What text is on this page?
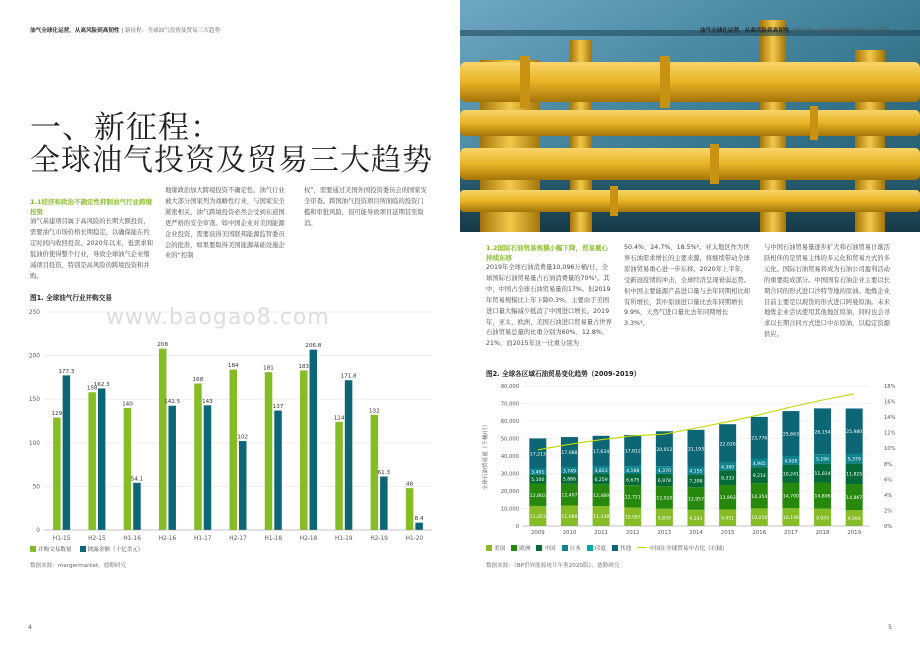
油气全球化运营，从高风险到高韧性 | 新征程：全球油气投资及贸易三大趋势
一、新征程：
全球油气投资及贸易三大趋势
1.1经济和政治不确定性抑制油气行业跨境投资
油气基建项目属于高风险的长期大额投资，需要油气市场价格长期稳定，以确保能在约定时间内收回投资。2020年以来，低需求和低油价使得整个行业，导致全球油气企业缩减项目投资，特别是高风险的跨境投资和并购。
地缘政治加大跨境投资不确定性。油气行业被大部分国家列为战略性行业，与国家安全紧密相关，油气跨境投资必然会受到东道国更严格的安全审查。如中国企业对美国能源企业投资，需要获得美国联邦能源监管委员会的批准，如果要取得美国能源基础设施企业的“控制
权”，需要通过美国外国投资委员会的国家安全审查。跨国油气投资项目所面临的投资门槛和审批风险，很可能导致项目延期甚至取消。
图1. 全球油气行业并购交易
0
50
100
150
200
250
129
177.3
H1-15
158
162.3
H2-15
140
54.1
H1-16
208
142.5
H2-16
168
143
H1-17
184
102
H2-17
181
137
H1-18
183
206.8
H2-18
124
171.8
H1-19
132
61.3
H2-19
48
8.4
H1-20
并购交易数量	披露金额（十亿美元）
数据来源：mergermarket，德勤研究
4
油气全球化运营，从高风险到高韧性 | 新征程：全球油气投资及贸易三大趋势
1.2国际石油贸易规模小幅下降，贸易重心持续东移
2019年全球石油消费量10,096万桶/日，全球国际石油贸易量占石油消费量的70%¹。其中，中国占全球石油贸易量的17%。但2019年贸易规模比上年下降0.3%，主要由于美国进口量大幅减少抵消了中国进口增长。2019年，亚太、欧洲、美国石油进口贸易量占世界石油贸易总量的比重分别为60%、12.8%、21%，而2015年这一比重分别为
50.4%、24.7%、18.5%²。亚太地区作为世界石油需求增长的主要来源，将继续带动全球原油贸易重心进一步东移。2020年上半年，受新冠疫情的冲击，全球经济呈现衰弱态势。但中国主要能源产品进口量与去年同期相比却有所增长，其中原油进口量比去年同期增长9.9%，天然气进口量比去年同期增长3.3%³。
与中国石油贸易量逐步扩大和石油贸易日渐活跃相伴的是贸易主体的多元化和贸易方式的多元化。国际石油贸易将成为石油公司盈利活动的重要组成部分。中国国有石油企业主要以长期合同的形式进口沙特等地的原油。地炼企业目前主要是以现货的形式进口阿曼原油。未来地炼企业尝试使用其他地区原油，同时也会寻求以长期合同方式进口中东原油，以稳定资源供应。
图2. 全球各区域石油贸易变化趋势（2009-2019）
0
10,000
20,000
30,000
40,000
50,000
60,000
70,000
80,000
0%
2%
4%
6%
8%
10%
12%
14%
16%
18%
全球石油贸易量（千桶/日）
11,453
12,802
5,100
3,491
17,213
2009
11,689
12,407
5,886
3,749
17,088
2010
11,338
12,489
6,259
3,823
17,634
2011
10,587
12,721
6,675
4,168
17,812
2012
9,859
12,920
6,978
4,370
20,012
2013
9,241
12,957
7,398
4,155
21,193
2014
9,451
13,993
8,333
4,380
22,026
2015
10,056
14,354
9,214
4,945
23,776
2016
10,148
14,700
10,241
4,920
25,663
2017
9,943
14,896
11,024
5,196
26,154
2018
9,094
14,867
11,825
5,379
25,980
2019
美国	欧洲	中国	日本	印度	其他	中国在全球贸易中占比（右轴）
数据来源：《BP世界能源统计年鉴2020版》，德勤研究
5
www.baogao8.com
